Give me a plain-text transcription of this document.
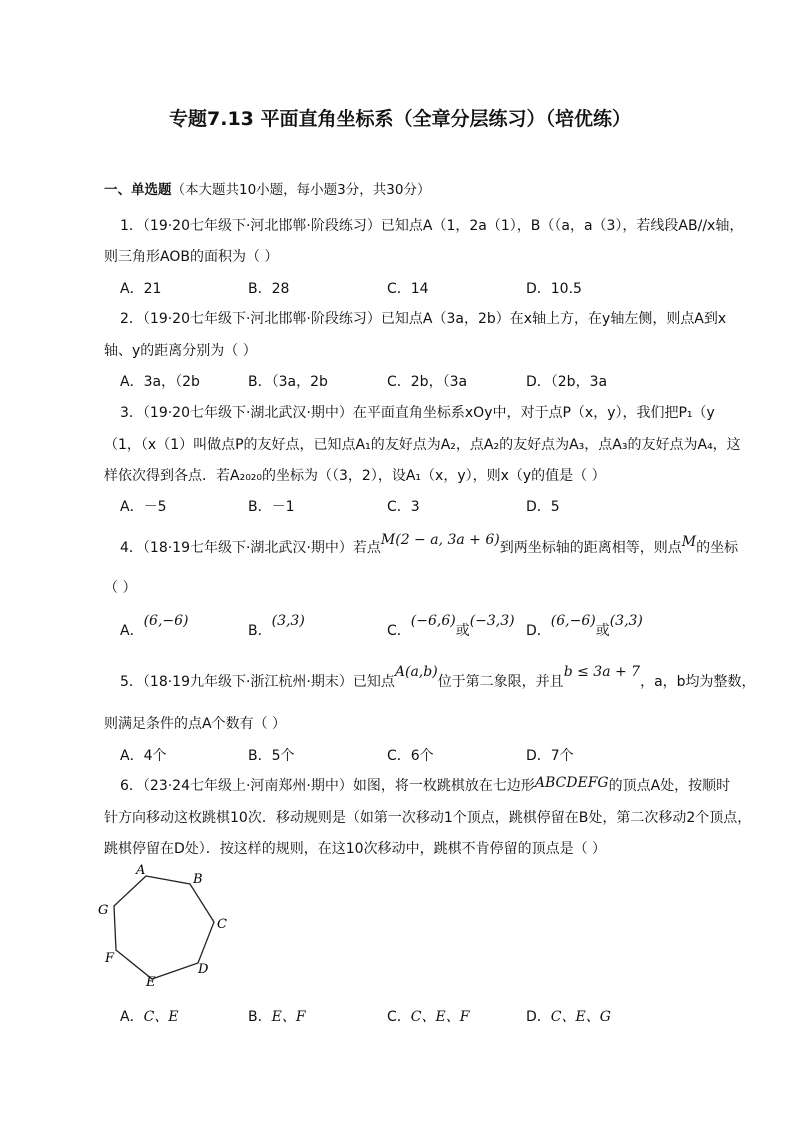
专题7.13 平面直角坐标系（全章分层练习）（培优练）
一、单选题（本大题共10小题，每小题3分，共30分）
1．（19·20七年级下·河北邯郸·阶段练习）已知点A（1，2a（1），B（（a，a（3），若线段AB//x轴，
则三角形AOB的面积为（ ）
A．21	B．28	C．14	D．10.5
2．（19·20七年级下·河北邯郸·阶段练习）已知点A（3a，2b）在x轴上方，在y轴左侧，则点A到x
轴、y的距离分别为（ ）
A．3a，（2b	B．（3a，2b	C．2b，（3a	D．（2b，3a
3．（19·20七年级下·湖北武汉·期中）在平面直角坐标系xOy中，对于点P（x，y），我们把P₁（y
（1，（x（1）叫做点P的友好点，已知点A₁的友好点为A₂，点A₂的友好点为A₃，点A₃的友好点为A₄，这
样依次得到各点．若A₂₀₂₀的坐标为（（3，2），设A₁（x，y），则x（y的值是（ ）
A．－5	B．－1	C．3	D．5
4．（18·19七年级下·湖北武汉·期中）若点M(2 − a, 3a + 6)到两坐标轴的距离相等，则点M的坐标
（ ）
A．(6,−6)
B．(3,3)
C．(−6,6)或(−3,3)
D．(6,−6)或(3,3)
5．（18·19九年级下·浙江杭州·期末）已知点A(a,b)位于第二象限，并且b ≤ 3a + 7，a，b均为整数，
则满足条件的点A个数有（ ）
A．4个	B．5个	C．6个	D．7个
6．（23·24七年级上·河南郑州·期中）如图，将一枚跳棋放在七边形ABCDEFG的顶点A处，按顺时
针方向移动这枚跳棋10次．移动规则是（如第一次移动1个顶点，跳棋停留在B处，第二次移动2个顶点，
跳棋停留在D处）．按这样的规则，在这10次移动中，跳棋不肯停留的顶点是（ ）
A
B
C
D
E
F
G
A．C、E	B．E、F	C．C、E、F	D．C、E、G
